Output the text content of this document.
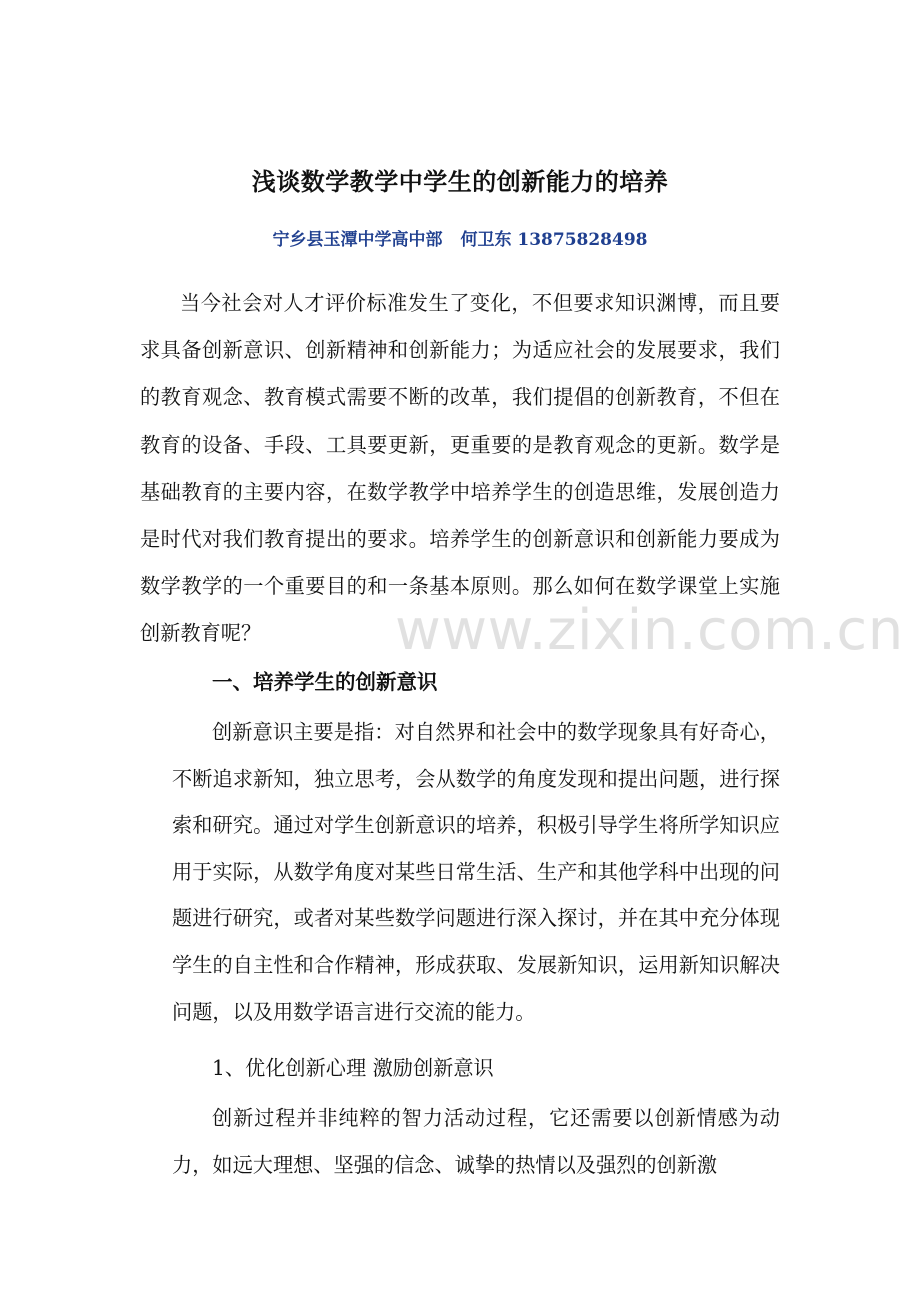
浅谈数学教学中学生的创新能力的培养
宁乡县玉潭中学高中部 何卫东 13875828498

当今社会对人才评价标准发生了变化，不但要求知识渊博，而且要求具备创新意识、创新精神和创新能力；为适应社会的发展要求，我们的教育观念、教育模式需要不断的改革，我们提倡的创新教育，不但在教育的设备、手段、工具要更新，更重要的是教育观念的更新。数学是基础教育的主要内容，在数学教学中培养学生的创造思维，发展创造力是时代对我们教育提出的要求。培养学生的创新意识和创新能力要成为数学教学的一个重要目的和一条基本原则。那么如何在数学课堂上实施创新教育呢？

一、培养学生的创新意识

创新意识主要是指：对自然界和社会中的数学现象具有好奇心，不断追求新知，独立思考，会从数学的角度发现和提出问题，进行探索和研究。通过对学生创新意识的培养，积极引导学生将所学知识应用于实际，从数学角度对某些日常生活、生产和其他学科中出现的问题进行研究，或者对某些数学问题进行深入探讨，并在其中充分体现学生的自主性和合作精神，形成获取、发展新知识，运用新知识解决问题，以及用数学语言进行交流的能力。

1、优化创新心理 激励创新意识

创新过程并非纯粹的智力活动过程，它还需要以创新情感为动力，如远大理想、坚强的信念、诚挚的热情以及强烈的创新激

www.zixin.com.cn
